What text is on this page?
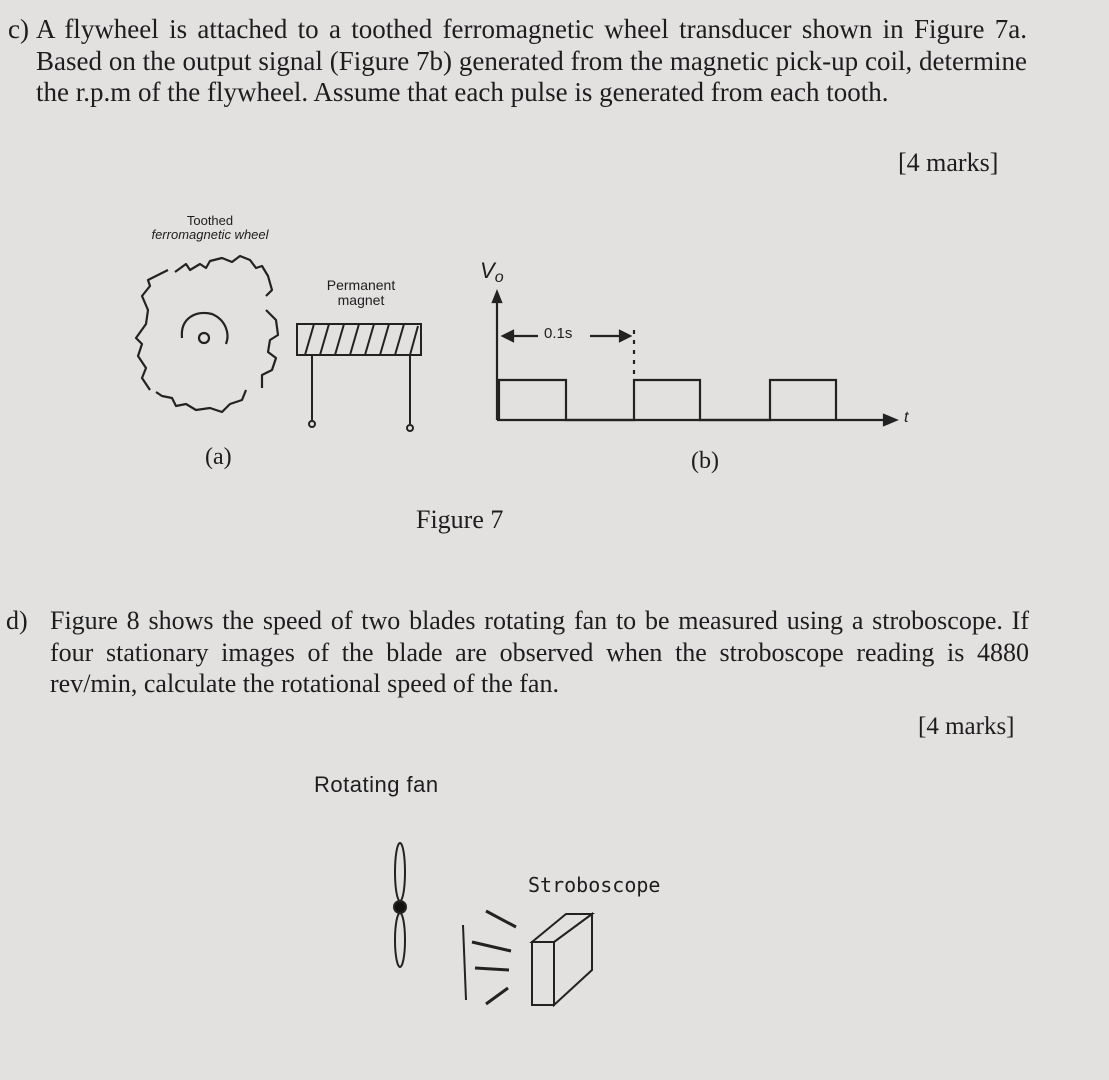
c) A flywheel is attached to a toothed ferromagnetic wheel transducer shown in Figure 7a. Based on the output signal (Figure 7b) generated from the magnetic pick-up coil, determine the r.p.m of the flywheel. Assume that each pulse is generated from each tooth.
[4 marks]
Toothed
ferromagnetic wheel
Permanent
magnet
Vo
0.1s
t
(a)	(b)
Figure 7
d) Figure 8 shows the speed of two blades rotating fan to be measured using a stroboscope. If four stationary images of the blade are observed when the stroboscope reading is 4880 rev/min, calculate the rotational speed of the fan.
[4 marks]
Rotating fan
Stroboscope
